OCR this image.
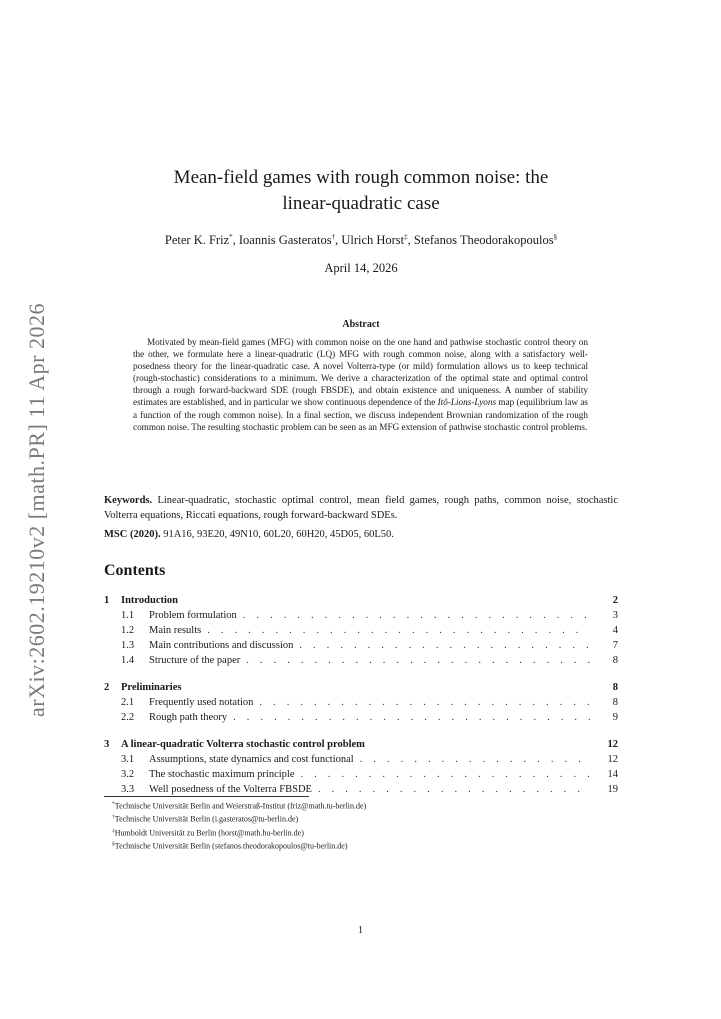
arXiv:2602.19210v2 [math.PR] 11 Apr 2026
Mean-field games with rough common noise: the
linear-quadratic case
Peter K. Friz*, Ioannis Gasteratos†, Ulrich Horst‡, Stefanos Theodorakopoulos§
April 14, 2026
Abstract
Motivated by mean-field games (MFG) with common noise on the one hand and pathwise stochastic control theory on the other, we formulate here a linear-quadratic (LQ) MFG with rough common noise, along with a satisfactory well-posedness theory for the linear-quadratic case. A novel Volterra-type (or mild) formulation allows us to keep technical (rough-stochastic) considerations to a minimum. We derive a characterization of the optimal state and optimal control through a rough forward-backward SDE (rough FBSDE), and obtain existence and uniqueness. A number of stability estimates are established, and in particular we show continuous dependence of the Itô-Lions-Lyons map (equilibrium law as a function of the rough common noise). In a final section, we discuss independent Brownian randomization of the rough common noise. The resulting stochastic problem can be seen as an MFG extension of pathwise stochastic control problems.
Keywords. Linear-quadratic, stochastic optimal control, mean field games, rough paths, common noise, stochastic Volterra equations, Riccati equations, rough forward-backward SDEs.
MSC (2020). 91A16, 93E20, 49N10, 60L20, 60H20, 45D05, 60L50.
Contents
1	Introduction	2
1.1	Problem formulation . . .	3
1.2	Main results . . .	4
1.3	Main contributions and discussion . . .	7
1.4	Structure of the paper . . .	8
2	Preliminaries	8
2.1	Frequently used notation . . .	8
2.2	Rough path theory . . .	9
3	A linear-quadratic Volterra stochastic control problem	12
3.1	Assumptions, state dynamics and cost functional . . .	12
3.2	The stochastic maximum principle . . .	14
3.3	Well posedness of the Volterra FBSDE . . .	19
*Technische Universität Berlin and Weierstraß-Institut (friz@math.tu-berlin.de)
†Technische Universität Berlin (i.gasteratos@tu-berlin.de)
‡Humboldt Universität zu Berlin (horst@math.hu-berlin.de)
§Technische Universität Berlin (stefanos.theodorakopoulos@tu-berlin.de)
1
